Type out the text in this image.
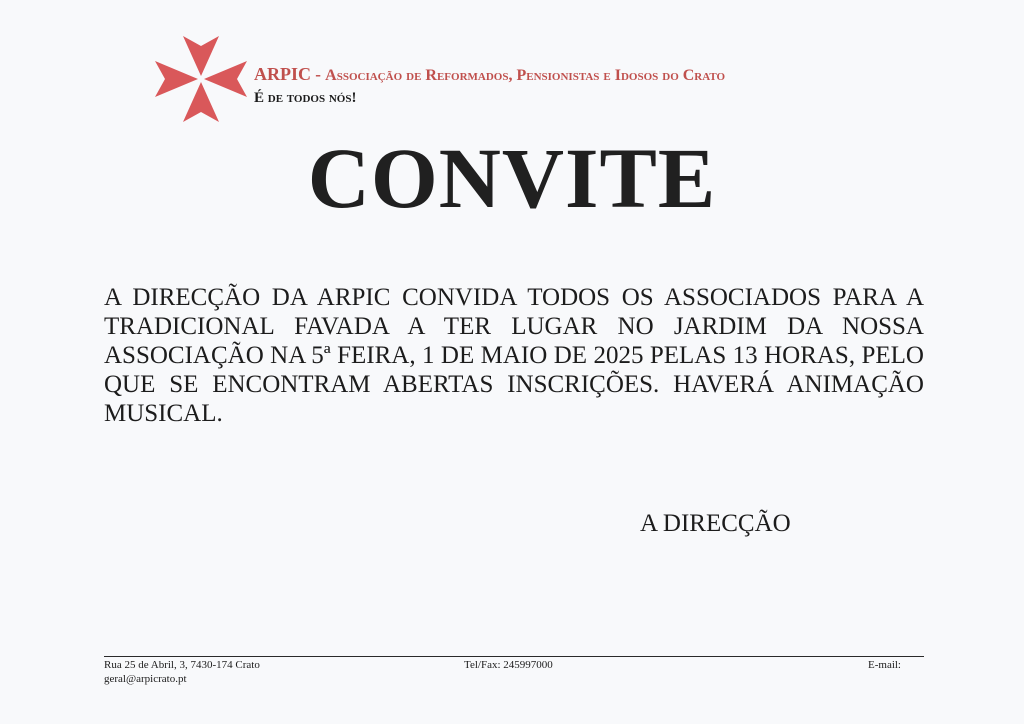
ARPIC - Associação de Reformados, Pensionistas e Idosos do Crato
É de todos nós!
CONVITE
A DIRECÇÃO DA ARPIC CONVIDA TODOS OS ASSOCIADOS PARA A TRADICIONAL FAVADA A TER LUGAR NO JARDIM DA NOSSA ASSOCIAÇÃO NA 5ª FEIRA, 1 DE MAIO DE 2025 PELAS 13 HORAS, PELO QUE SE ENCONTRAM ABERTAS INSCRIÇÕES. HAVERÁ ANIMAÇÃO MUSICAL.
A DIRECÇÃO
Rua 25 de Abril, 3, 7430-174 Crato
geral@arpicrato.pt
Tel/Fax: 245997000	E-mail:
